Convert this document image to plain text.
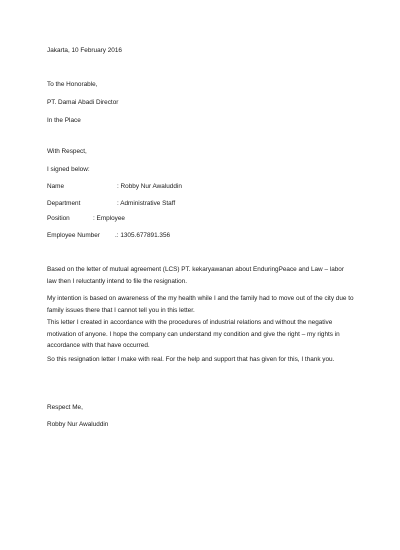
Jakarta, 10 February 2016
To the Honorable,
PT. Damai Abadi Director
In the Place
With Respect,
I signed below:
Name	: Robby Nur Awaluddin
Department	: Administrative Staff
Position	: Employee
Employee Number .: 1305.677891.356
Based on the letter of mutual agreement (LCS) PT. kekaryawanan about EnduringPeace and Law – labor law then I reluctantly intend to file the resignation.
My intention is based on awareness of the my health while I and the family had to move out of the city due to family issues there that I cannot tell you in this letter.
This letter I created in accordance with the procedures of industrial relations and without the negative motivation of anyone. I hope the company can understand my condition and give the right – my rights in accordance with that have occurred.
So this resignation letter I make with real. For the help and support that has given for this, I thank you.
Respect Me,
Robby Nur Awaluddin
